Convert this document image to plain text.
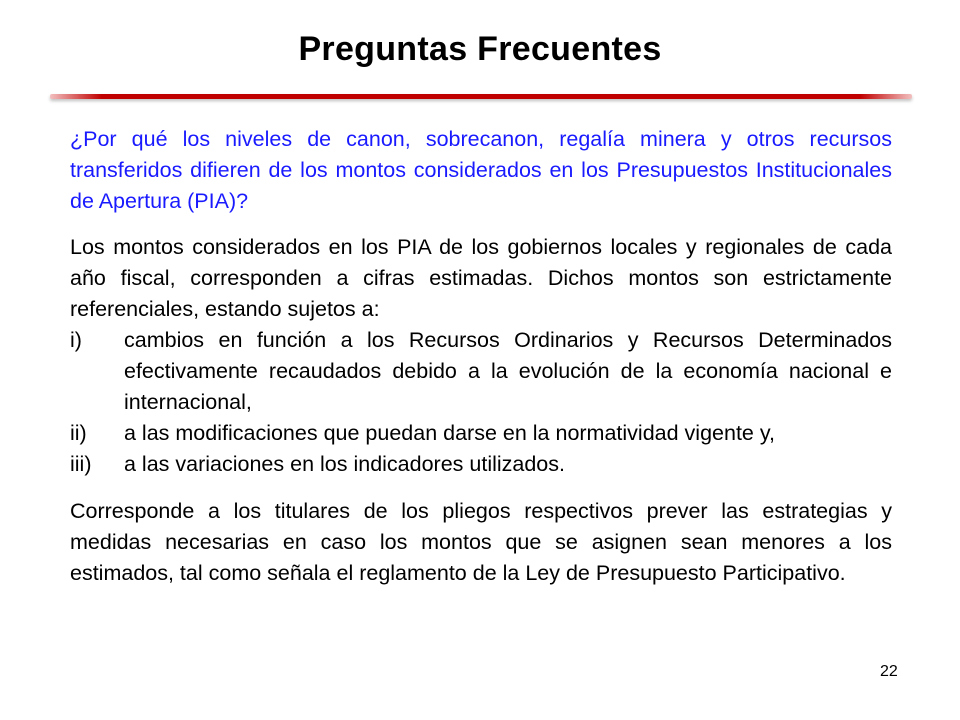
Preguntas Frecuentes

¿Por qué los niveles de canon, sobrecanon, regalía minera y otros recursos transferidos difieren de los montos considerados en los Presupuestos Institucionales de Apertura (PIA)?

Los montos considerados en los PIA de los gobiernos locales y regionales de cada año fiscal, corresponden a cifras estimadas. Dichos montos son estrictamente referenciales, estando sujetos a:

i)	cambios en función a los Recursos Ordinarios y Recursos Determinados efectivamente recaudados debido a la evolución de la economía nacional e internacional,
ii)	a las modificaciones que puedan darse en la normatividad vigente y,
iii)	a las variaciones en los indicadores utilizados.

Corresponde a los titulares de los pliegos respectivos prever las estrategias y medidas necesarias en caso los montos que se asignen sean menores a los estimados, tal como señala el reglamento de la Ley de Presupuesto Participativo.

22
